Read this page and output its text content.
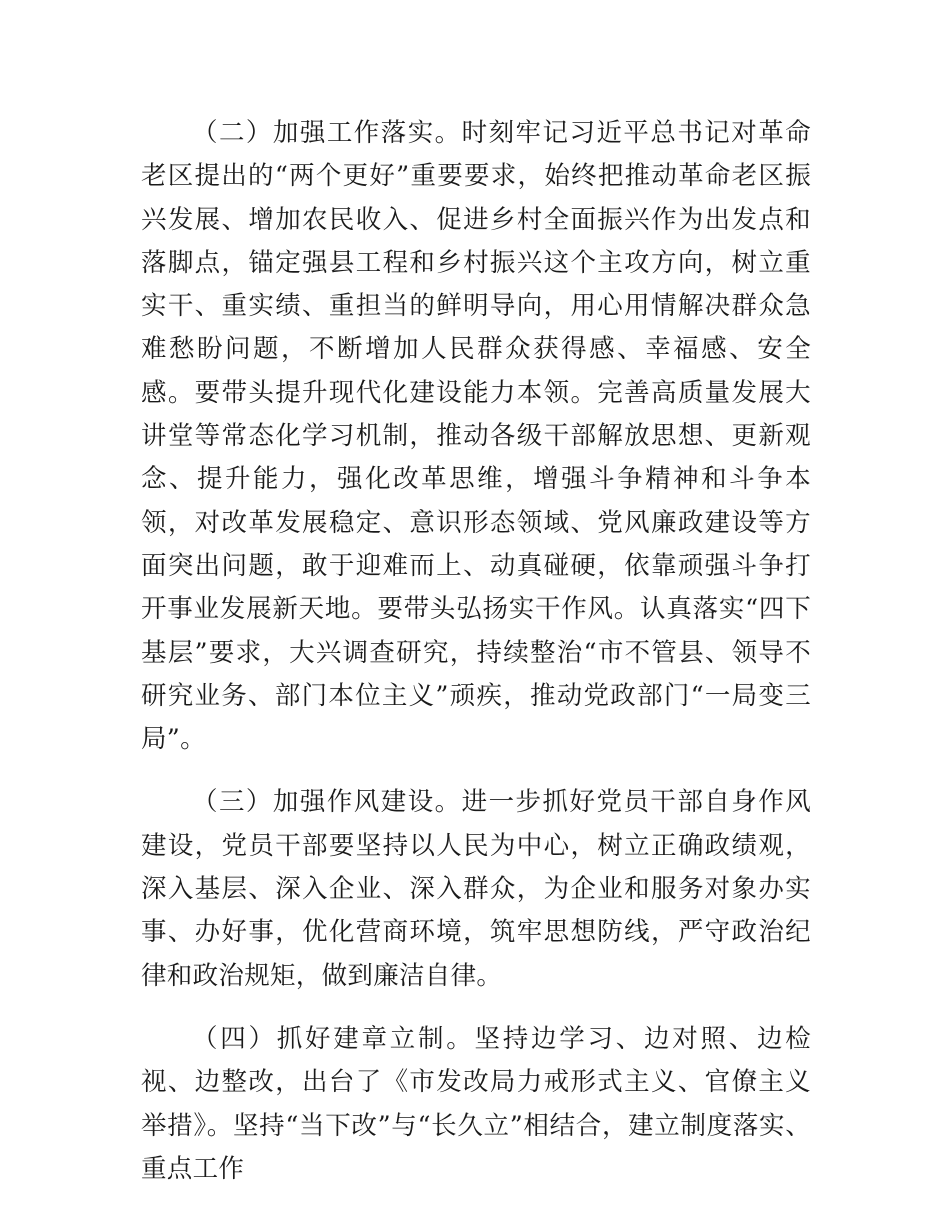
（二）加强工作落实。时刻牢记习近平总书记对革命老区提出的“两个更好”重要要求，始终把推动革命老区振兴发展、增加农民收入、促进乡村全面振兴作为出发点和落脚点，锚定强县工程和乡村振兴这个主攻方向，树立重实干、重实绩、重担当的鲜明导向，用心用情解决群众急难愁盼问题，不断增加人民群众获得感、幸福感、安全感。要带头提升现代化建设能力本领。完善高质量发展大讲堂等常态化学习机制，推动各级干部解放思想、更新观念、提升能力，强化改革思维，增强斗争精神和斗争本领，对改革发展稳定、意识形态领域、党风廉政建设等方面突出问题，敢于迎难而上、动真碰硬，依靠顽强斗争打开事业发展新天地。要带头弘扬实干作风。认真落实“四下基层”要求，大兴调查研究，持续整治“市不管县、领导不研究业务、部门本位主义”顽疾，推动党政部门“一局变三局”。

（三）加强作风建设。进一步抓好党员干部自身作风建设，党员干部要坚持以人民为中心，树立正确政绩观，深入基层、深入企业、深入群众，为企业和服务对象办实事、办好事，优化营商环境，筑牢思想防线，严守政治纪律和政治规矩，做到廉洁自律。

（四）抓好建章立制。坚持边学习、边对照、边检视、边整改，出台了《市发改局力戒形式主义、官僚主义举措》。坚持“当下改”与“长久立”相结合，建立制度落实、重点工作
